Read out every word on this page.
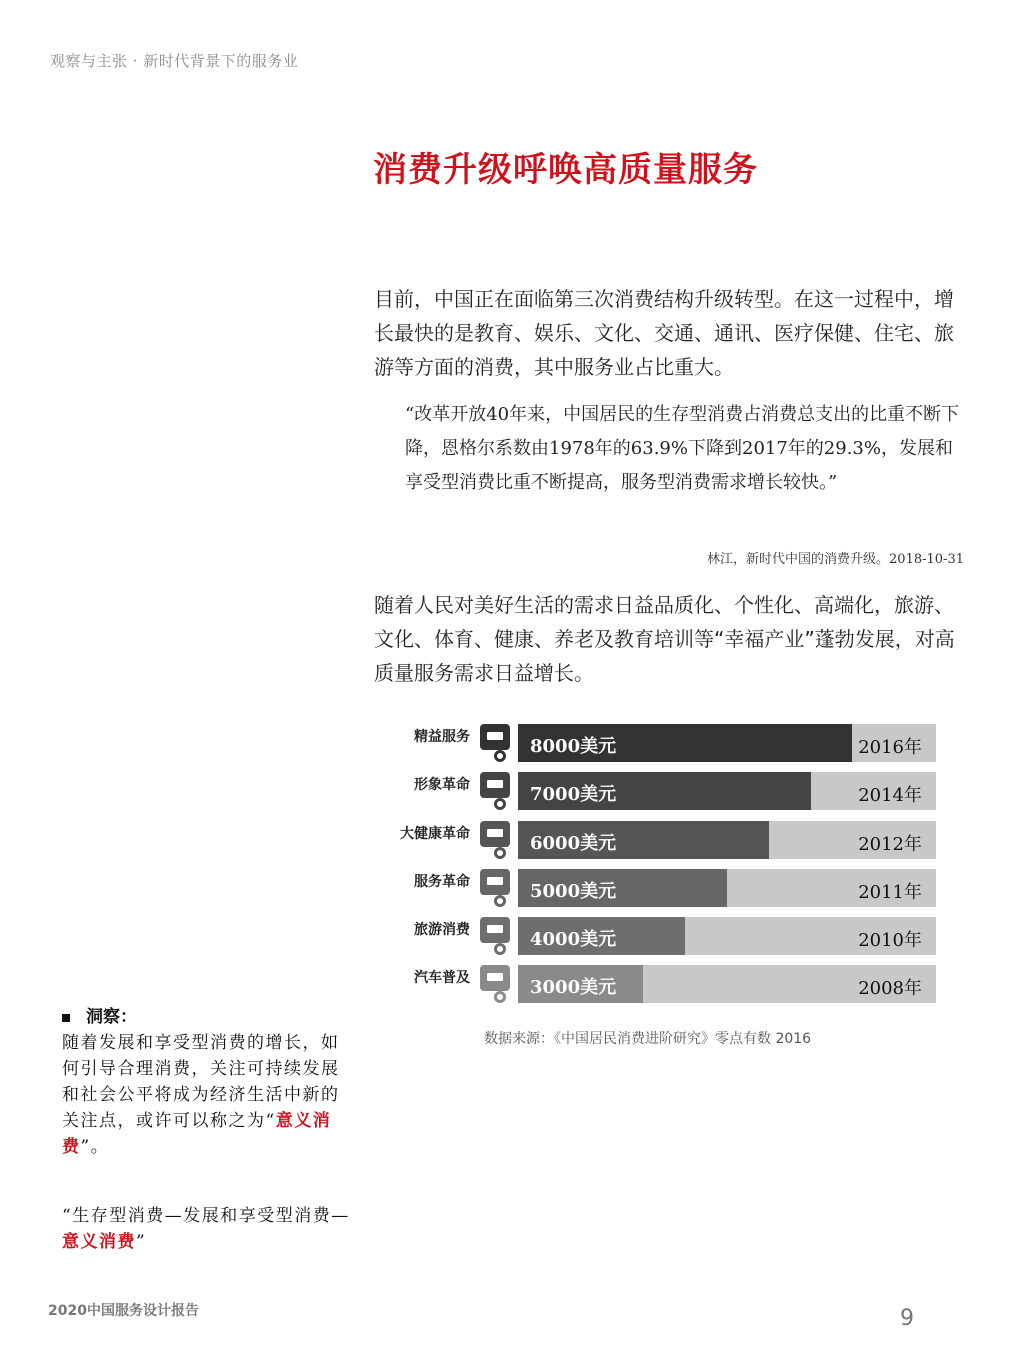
观察与主张 · 新时代背景下的服务业
消费升级呼唤高质量服务
目前，中国正在面临第三次消费结构升级转型。在这一过程中，增长最快的是教育、娱乐、文化、交通、通讯、医疗保健、住宅、旅游等方面的消费，其中服务业占比重大。
“改革开放40年来，中国居民的生存型消费占消费总支出的比重不断下降，恩格尔系数由1978年的63.9%下降到2017年的29.3%，发展和享受型消费比重不断提高，服务型消费需求增长较快。”
林江，新时代中国的消费升级。2018-10-31
随着人民对美好生活的需求日益品质化、个性化、高端化，旅游、文化、体育、健康、养老及教育培训等“幸福产业”蓬勃发展，对高质量服务需求日益增长。
精益服务	8000美元	2016年
形象革命	7000美元	2014年
大健康革命	6000美元	2012年
服务革命	5000美元	2011年
旅游消费	4000美元	2010年
汽车普及	3000美元	2008年
数据来源：《中国居民消费进阶研究》零点有数 2016
洞察：
随着发展和享受型消费的增长，如何引导合理消费，关注可持续发展和社会公平将成为经济生活中新的关注点，或许可以称之为“意义消费”。
“生存型消费—发展和享受型消费—意义消费”
2020中国服务设计报告	9
